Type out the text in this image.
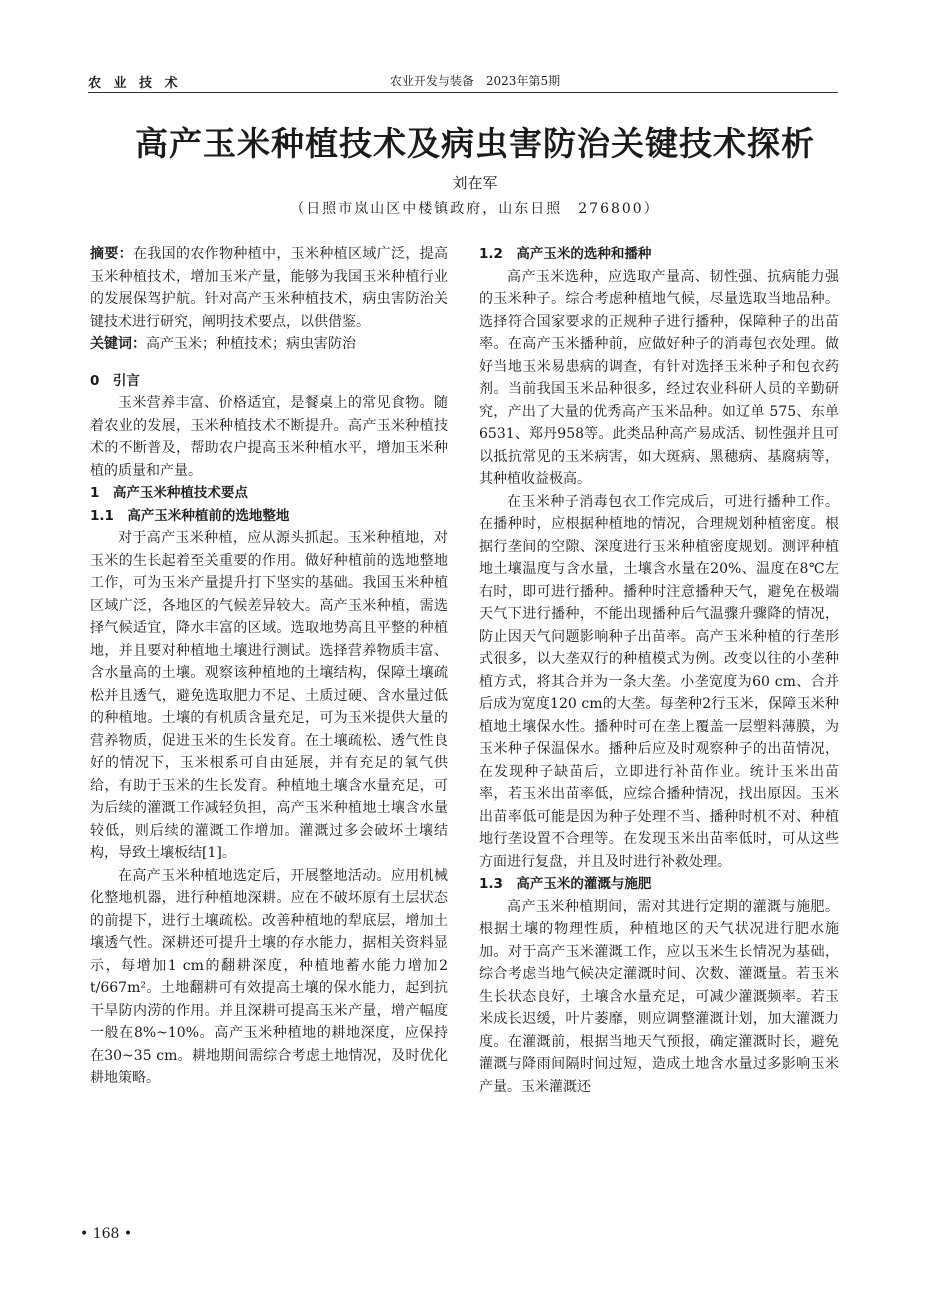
农 业 技 术	农业开发与装备　2023年第5期
高产玉米种植技术及病虫害防治关键技术探析
刘在军
（日照市岚山区中楼镇政府，山东日照　276800）

摘要：在我国的农作物种植中，玉米种植区域广泛，提高玉米种植技术，增加玉米产量，能够为我国玉米种植行业的发展保驾护航。针对高产玉米种植技术，病虫害防治关键技术进行研究，阐明技术要点，以供借鉴。

关键词：高产玉米；种植技术；病虫害防治

0　引言

玉米营养丰富、价格适宜，是餐桌上的常见食物。随着农业的发展，玉米种植技术不断提升。高产玉米种植技术的不断普及，帮助农户提高玉米种植水平，增加玉米种植的质量和产量。

1　高产玉米种植技术要点
1.1　高产玉米种植前的选地整地

对于高产玉米种植，应从源头抓起。玉米种植地，对玉米的生长起着至关重要的作用。做好种植前的选地整地工作，可为玉米产量提升打下坚实的基础。我国玉米种植区域广泛，各地区的气候差异较大。高产玉米种植，需选择气候适宜，降水丰富的区域。选取地势高且平整的种植地，并且要对种植地土壤进行测试。选择营养物质丰富、含水量高的土壤。观察该种植地的土壤结构，保障土壤疏松并且透气，避免选取肥力不足、土质过硬、含水量过低的种植地。土壤的有机质含量充足，可为玉米提供大量的营养物质，促进玉米的生长发育。在土壤疏松、透气性良好的情况下，玉米根系可自由延展，并有充足的氧气供给，有助于玉米的生长发育。种植地土壤含水量充足，可为后续的灌溉工作减轻负担，高产玉米种植地土壤含水量较低，则后续的灌溉工作增加。灌溉过多会破坏土壤结构，导致土壤板结[1]。

在高产玉米种植地选定后，开展整地活动。应用机械化整地机器，进行种植地深耕。应在不破坏原有土层状态的前提下，进行土壤疏松。改善种植地的犁底层，增加土壤透气性。深耕还可提升土壤的存水能力，据相关资料显示，每增加1 cm的翻耕深度，种植地蓄水能力增加2 t/667m²。土地翻耕可有效提高土壤的保水能力，起到抗干旱防内涝的作用。并且深耕可提高玉米产量，增产幅度一般在8%~10%。高产玉米种植地的耕地深度，应保持在30~35 cm。耕地期间需综合考虑土地情况，及时优化耕地策略。

1.2　高产玉米的选种和播种

高产玉米选种，应选取产量高、韧性强、抗病能力强的玉米种子。综合考虑种植地气候，尽量选取当地品种。选择符合国家要求的正规种子进行播种，保障种子的出苗率。在高产玉米播种前，应做好种子的消毒包衣处理。做好当地玉米易患病的调查，有针对选择玉米种子和包衣药剂。当前我国玉米品种很多，经过农业科研人员的辛勤研究，产出了大量的优秀高产玉米品种。如辽单 575、东单6531、郑丹958等。此类品种高产易成活、韧性强并且可以抵抗常见的玉米病害，如大斑病、黑穗病、基腐病等，其种植收益极高。

在玉米种子消毒包衣工作完成后，可进行播种工作。在播种时，应根据种植地的情况，合理规划种植密度。根据行垄间的空隙、深度进行玉米种植密度规划。测评种植地土壤温度与含水量，土壤含水量在20%、温度在8℃左右时，即可进行播种。播种时注意播种天气，避免在极端天气下进行播种，不能出现播种后气温骤升骤降的情况，防止因天气问题影响种子出苗率。高产玉米种植的行垄形式很多，以大垄双行的种植模式为例。改变以往的小垄种植方式，将其合并为一条大垄。小垄宽度为60 cm、合并后成为宽度120 cm的大垄。每垄种2行玉米，保障玉米种植地土壤保水性。播种时可在垄上覆盖一层塑料薄膜，为玉米种子保温保水。播种后应及时观察种子的出苗情况，在发现种子缺苗后，立即进行补苗作业。统计玉米出苗率，若玉米出苗率低，应综合播种情况，找出原因。玉米出苗率低可能是因为种子处理不当、播种时机不对、种植地行垄设置不合理等。在发现玉米出苗率低时，可从这些方面进行复盘，并且及时进行补救处理。

1.3　高产玉米的灌溉与施肥

高产玉米种植期间，需对其进行定期的灌溉与施肥。根据土壤的物理性质，种植地区的天气状况进行肥水施加。对于高产玉米灌溉工作，应以玉米生长情况为基础，综合考虑当地气候决定灌溉时间、次数、灌溉量。若玉米生长状态良好，土壤含水量充足，可减少灌溉频率。若玉米成长迟缓，叶片萎靡，则应调整灌溉计划，加大灌溉力度。在灌溉前，根据当地天气预报，确定灌溉时长，避免灌溉与降雨间隔时间过短，造成土地含水量过多影响玉米产量。玉米灌溉还

• 168 •
